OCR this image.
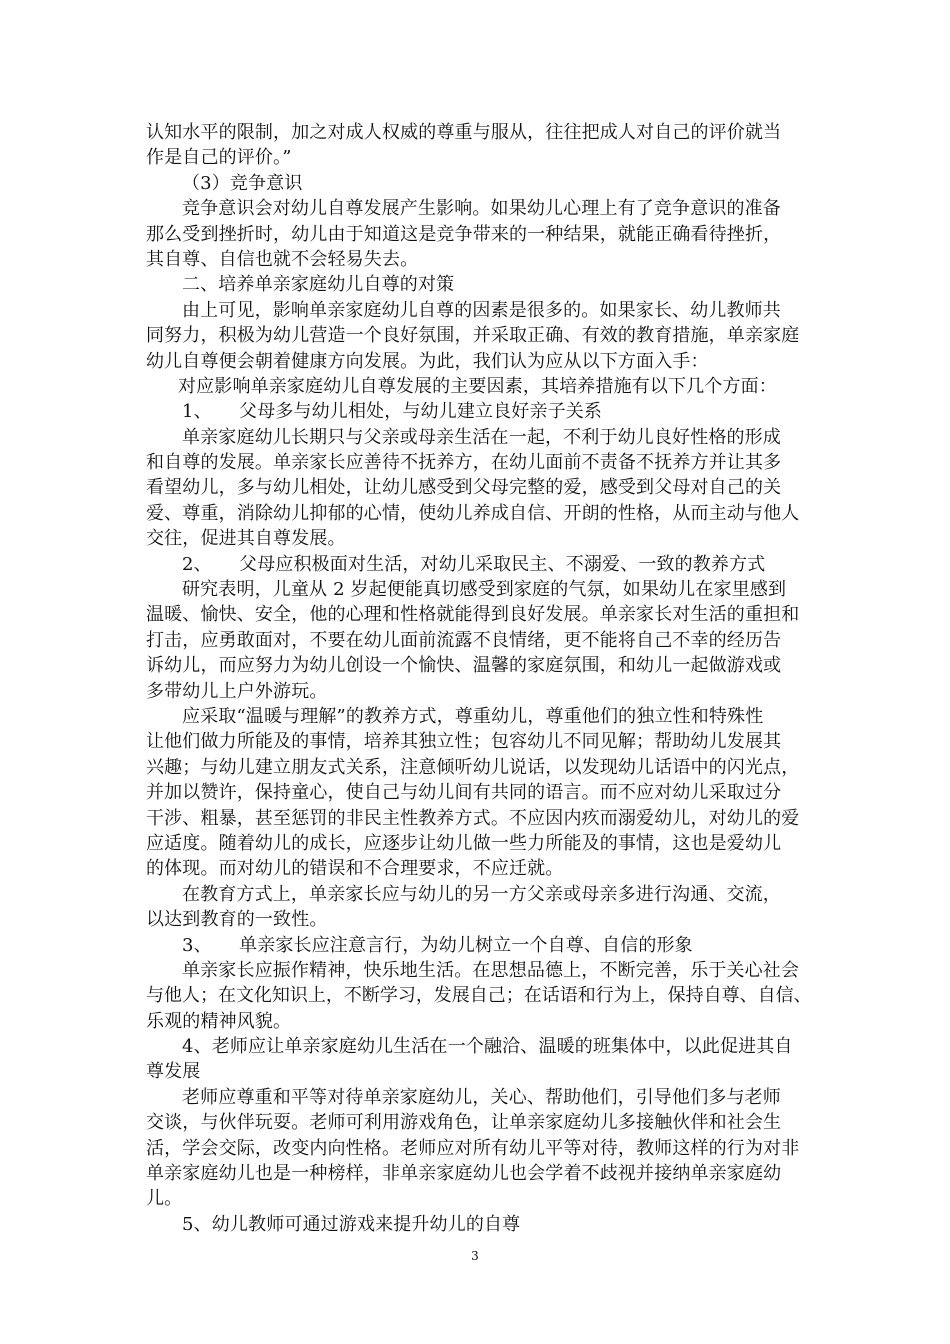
认知水平的限制，加之对成人权威的尊重与服从，往往把成人对自己的评价就当
作是自己的评价。”
（3）竞争意识
竞争意识会对幼儿自尊发展产生影响。如果幼儿心理上有了竞争意识的准备
那么受到挫折时，幼儿由于知道这是竞争带来的一种结果，就能正确看待挫折，
其自尊、自信也就不会轻易失去。
二、培养单亲家庭幼儿自尊的对策
由上可见，影响单亲家庭幼儿自尊的因素是很多的。如果家长、幼儿教师共
同努力，积极为幼儿营造一个良好氛围，并采取正确、有效的教育措施，单亲家庭
幼儿自尊便会朝着健康方向发展。为此，我们认为应从以下方面入手：
对应影响单亲家庭幼儿自尊发展的主要因素，其培养措施有以下几个方面：
1、　　父母多与幼儿相处，与幼儿建立良好亲子关系
单亲家庭幼儿长期只与父亲或母亲生活在一起，不利于幼儿良好性格的形成
和自尊的发展。单亲家长应善待不抚养方，在幼儿面前不责备不抚养方并让其多
看望幼儿，多与幼儿相处，让幼儿感受到父母完整的爱，感受到父母对自己的关
爱、尊重，消除幼儿抑郁的心情，使幼儿养成自信、开朗的性格，从而主动与他人
交往，促进其自尊发展。
2、　　父母应积极面对生活，对幼儿采取民主、不溺爱、一致的教养方式
研究表明，儿童从 2 岁起便能真切感受到家庭的气氛，如果幼儿在家里感到
温暖、愉快、安全，他的心理和性格就能得到良好发展。单亲家长对生活的重担和
打击，应勇敢面对，不要在幼儿面前流露不良情绪，更不能将自己不幸的经历告
诉幼儿，而应努力为幼儿创设一个愉快、温馨的家庭氛围，和幼儿一起做游戏或
多带幼儿上户外游玩。
应采取“温暖与理解”的教养方式，尊重幼儿，尊重他们的独立性和特殊性
让他们做力所能及的事情，培养其独立性；包容幼儿不同见解；帮助幼儿发展其
兴趣；与幼儿建立朋友式关系，注意倾听幼儿说话，以发现幼儿话语中的闪光点，
并加以赞许，保持童心，使自己与幼儿间有共同的语言。而不应对幼儿采取过分
干涉、粗暴，甚至惩罚的非民主性教养方式。不应因内疚而溺爱幼儿，对幼儿的爱
应适度。随着幼儿的成长，应逐步让幼儿做一些力所能及的事情，这也是爱幼儿
的体现。而对幼儿的错误和不合理要求，不应迁就。
在教育方式上，单亲家长应与幼儿的另一方父亲或母亲多进行沟通、交流，
以达到教育的一致性。
3、　　单亲家长应注意言行，为幼儿树立一个自尊、自信的形象
单亲家长应振作精神，快乐地生活。在思想品德上，不断完善，乐于关心社会
与他人；在文化知识上，不断学习，发展自己；在话语和行为上，保持自尊、自信、
乐观的精神风貌。
4、老师应让单亲家庭幼儿生活在一个融洽、温暖的班集体中，以此促进其自
尊发展
老师应尊重和平等对待单亲家庭幼儿，关心、帮助他们，引导他们多与老师
交谈，与伙伴玩耍。老师可利用游戏角色，让单亲家庭幼儿多接触伙伴和社会生
活，学会交际，改变内向性格。老师应对所有幼儿平等对待，教师这样的行为对非
单亲家庭幼儿也是一种榜样，非单亲家庭幼儿也会学着不歧视并接纳单亲家庭幼
儿。
5、幼儿教师可通过游戏来提升幼儿的自尊
3
